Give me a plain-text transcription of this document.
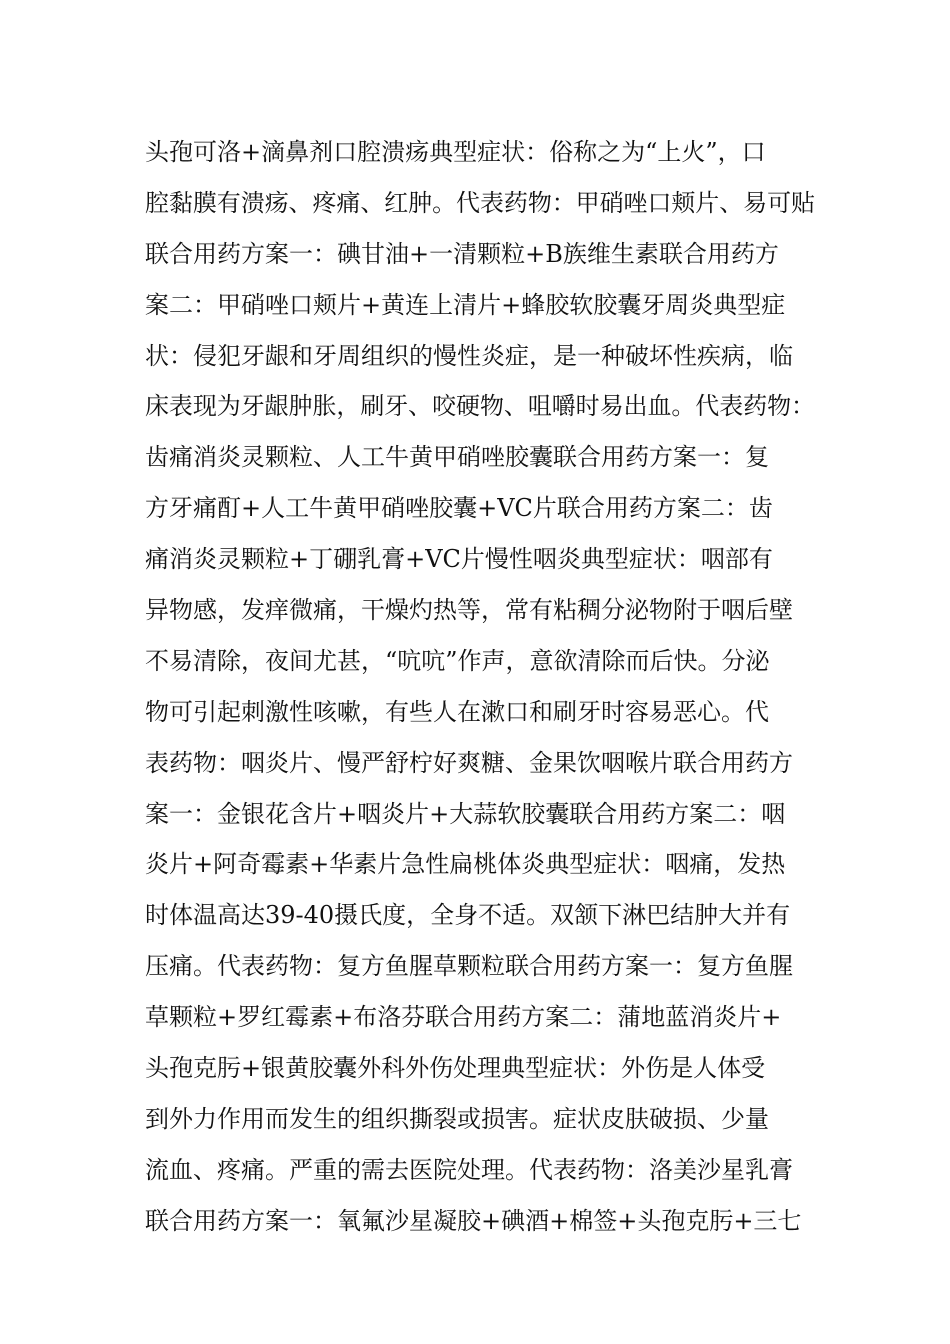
头孢可洛+滴鼻剂口腔溃疡典型症状：俗称之为“上火”，口
腔黏膜有溃疡、疼痛、红肿。代表药物：甲硝唑口颊片、易可贴
联合用药方案一：碘甘油+一清颗粒+B族维生素联合用药方
案二：甲硝唑口颊片+黄连上清片+蜂胶软胶囊牙周炎典型症
状：侵犯牙龈和牙周组织的慢性炎症，是一种破坏性疾病，临
床表现为牙龈肿胀，刷牙、咬硬物、咀嚼时易出血。代表药物：
齿痛消炎灵颗粒、人工牛黄甲硝唑胶囊联合用药方案一：复
方牙痛酊+人工牛黄甲硝唑胶囊+VC片联合用药方案二：齿
痛消炎灵颗粒+丁硼乳膏+VC片慢性咽炎典型症状：咽部有
异物感，发痒微痛，干燥灼热等，常有粘稠分泌物附于咽后壁
不易清除，夜间尤甚，“吭吭”作声，意欲清除而后快。分泌
物可引起刺激性咳嗽，有些人在漱口和刷牙时容易恶心。代
表药物：咽炎片、慢严舒柠好爽糖、金果饮咽喉片联合用药方
案一：金银花含片+咽炎片+大蒜软胶囊联合用药方案二：咽
炎片+阿奇霉素+华素片急性扁桃体炎典型症状：咽痛，发热
时体温高达39-40摄氏度，全身不适。双颔下淋巴结肿大并有
压痛。代表药物：复方鱼腥草颗粒联合用药方案一：复方鱼腥
草颗粒+罗红霉素+布洛芬联合用药方案二：蒲地蓝消炎片+
头孢克肟+银黄胶囊外科外伤处理典型症状：外伤是人体受
到外力作用而发生的组织撕裂或损害。症状皮肤破损、少量
流血、疼痛。严重的需去医院处理。代表药物：洛美沙星乳膏
联合用药方案一：氧氟沙星凝胶+碘酒+棉签+头孢克肟+三七
